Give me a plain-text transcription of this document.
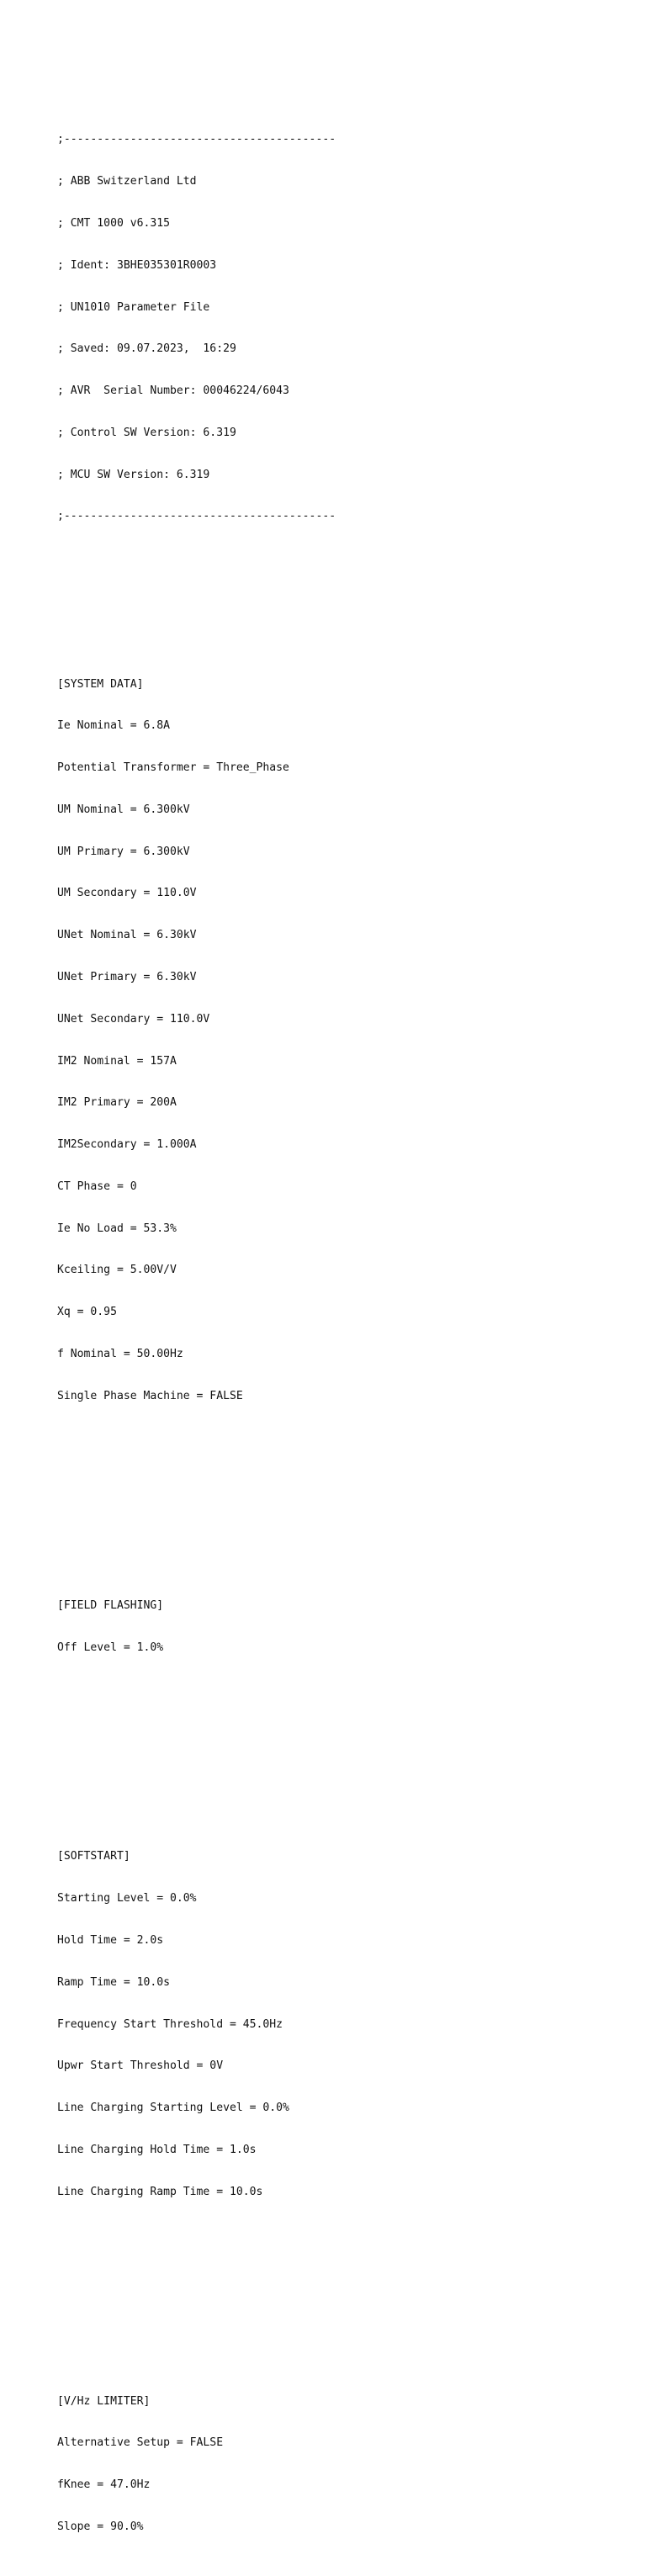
;-----------------------------------------

; ABB Switzerland Ltd

; CMT 1000 v6.315

; Ident: 3BHE035301R0003

; UN1010 Parameter File

; Saved: 09.07.2023,  16:29

; AVR  Serial Number: 00046224/6043

; Control SW Version: 6.319

; MCU SW Version: 6.319

;-----------------------------------------

[SYSTEM DATA]

Ie Nominal = 6.8A

Potential Transformer = Three_Phase

UM Nominal = 6.300kV

UM Primary = 6.300kV

UM Secondary = 110.0V

UNet Nominal = 6.30kV

UNet Primary = 6.30kV

UNet Secondary = 110.0V

IM2 Nominal = 157A

IM2 Primary = 200A

IM2Secondary = 1.000A

CT Phase = 0

Ie No Load = 53.3%

Kceiling = 5.00V/V

Xq = 0.95

f Nominal = 50.00Hz

Single Phase Machine = FALSE

[FIELD FLASHING]

Off Level = 1.0%

[SOFTSTART]

Starting Level = 0.0%

Hold Time = 2.0s

Ramp Time = 10.0s

Frequency Start Threshold = 45.0Hz

Upwr Start Threshold = 0V

Line Charging Starting Level = 0.0%

Line Charging Hold Time = 1.0s

Line Charging Ramp Time = 10.0s

[V/Hz LIMITER]

Alternative Setup = FALSE

fKnee = 47.0Hz

Slope = 90.0%
